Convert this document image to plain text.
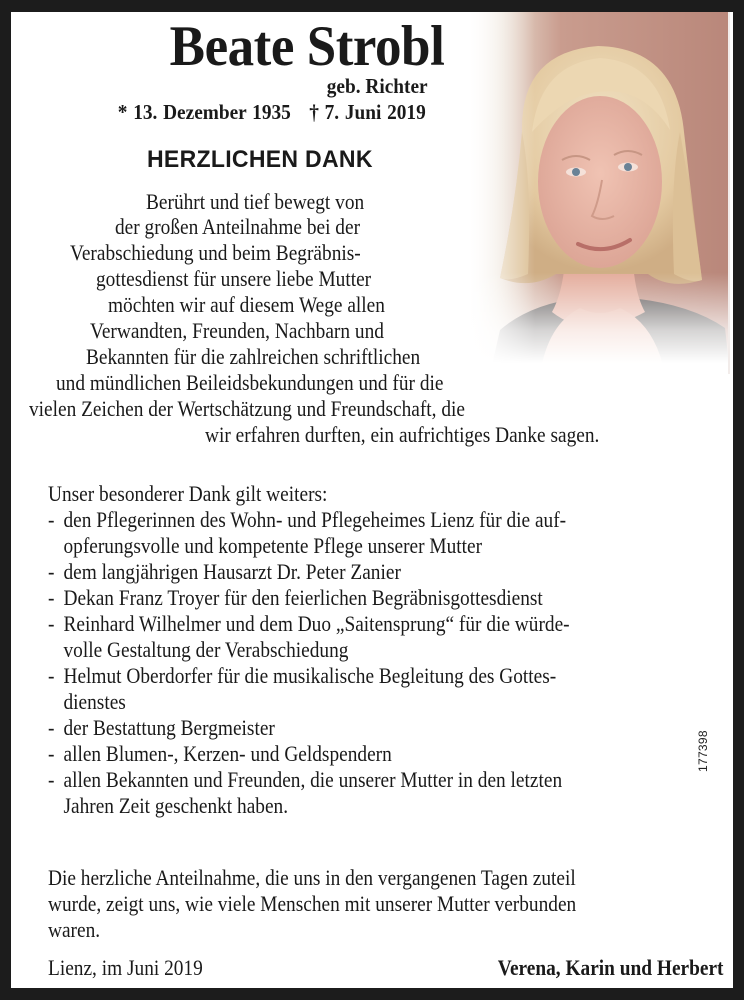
Beate Strobl
geb. Richter
* 13. Dezember 1935 † 7. Juni 2019
HERZLICHEN DANK
Berührt und tief bewegt von
der großen Anteilnahme bei der
Verabschiedung und beim Begräbnis-
gottesdienst für unsere liebe Mutter
möchten wir auf diesem Wege allen
Verwandten, Freunden, Nachbarn und
Bekannten für die zahlreichen schriftlichen
und mündlichen Beileidsbekundungen und für die
vielen Zeichen der Wertschätzung und Freundschaft, die
wir erfahren durften, ein aufrichtiges Danke sagen.
Unser besonderer Dank gilt weiters:
- den Pflegerinnen des Wohn- und Pflegeheimes Lienz für die auf-
opferungsvolle und kompetente Pflege unserer Mutter
- dem langjährigen Hausarzt Dr. Peter Zanier
- Dekan Franz Troyer für den feierlichen Begräbnisgottesdienst
- Reinhard Wilhelmer und dem Duo „Saitensprung“ für die würde-
volle Gestaltung der Verabschiedung
- Helmut Oberdorfer für die musikalische Begleitung des Gottes-
dienstes
- der Bestattung Bergmeister
- allen Blumen-, Kerzen- und Geldspendern
- allen Bekannten und Freunden, die unserer Mutter in den letzten
Jahren Zeit geschenkt haben.
Die herzliche Anteilnahme, die uns in den vergangenen Tagen zuteil
wurde, zeigt uns, wie viele Menschen mit unserer Mutter verbunden
waren.
Lienz, im Juni 2019	Verena, Karin und Herbert
177398
